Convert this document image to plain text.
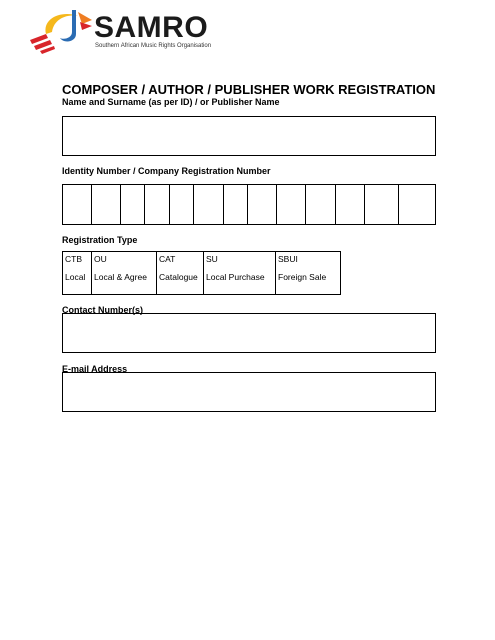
SAMRO
Southern African Music Rights Organisation
COMPOSER / AUTHOR / PUBLISHER WORK REGISTRATION
Name and Surname (as per ID) / or Publisher Name
Identity Number / Company Registration Number
Registration Type
CTB
Local

OU
Local & Agree

CAT
Catalogue

SU
Local Purchase

SBUI
Foreign Sale
Contact Number(s)
E-mail Address
